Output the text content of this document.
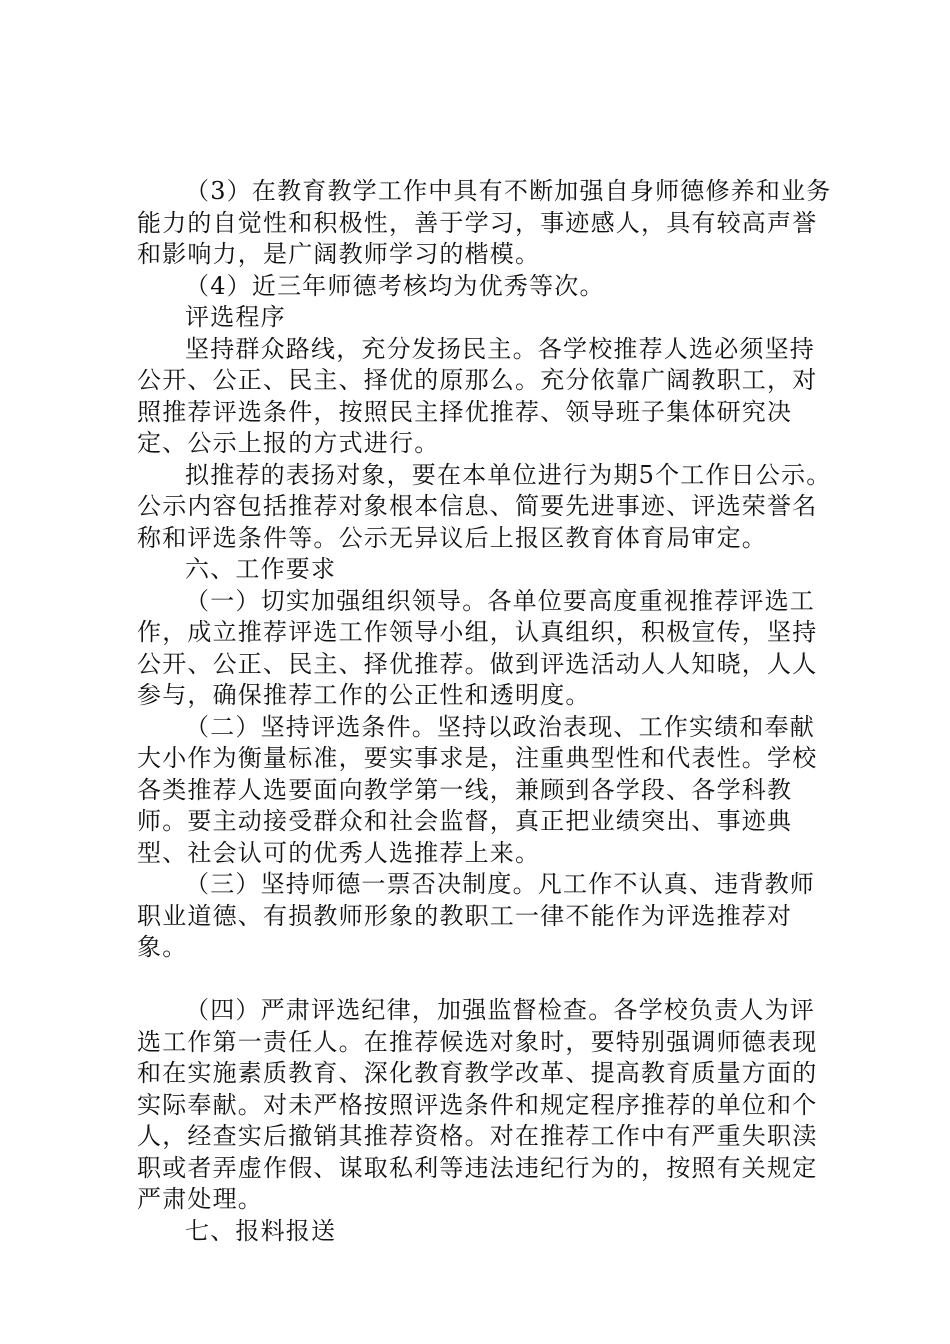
（3）在教育教学工作中具有不断加强自身师德修养和业务能力的自觉性和积极性，善于学习，事迹感人，具有较高声誉和影响力，是广阔教师学习的楷模。

（4）近三年师德考核均为优秀等次。

评选程序

坚持群众路线，充分发扬民主。各学校推荐人选必须坚持公开、公正、民主、择优的原那么。充分依靠广阔教职工，对照推荐评选条件，按照民主择优推荐、领导班子集体研究决定、公示上报的方式进行。

拟推荐的表扬对象，要在本单位进行为期5个工作日公示。公示内容包括推荐对象根本信息、简要先进事迹、评选荣誉名称和评选条件等。公示无异议后上报区教育体育局审定。

六、工作要求

（一）切实加强组织领导。各单位要高度重视推荐评选工作，成立推荐评选工作领导小组，认真组织，积极宣传，坚持公开、公正、民主、择优推荐。做到评选活动人人知晓，人人参与，确保推荐工作的公正性和透明度。

（二）坚持评选条件。坚持以政治表现、工作实绩和奉献大小作为衡量标准，要实事求是，注重典型性和代表性。学校各类推荐人选要面向教学第一线，兼顾到各学段、各学科教师。要主动接受群众和社会监督，真正把业绩突出、事迹典型、社会认可的优秀人选推荐上来。

（三）坚持师德一票否决制度。凡工作不认真、违背教师职业道德、有损教师形象的教职工一律不能作为评选推荐对象。

（四）严肃评选纪律，加强监督检查。各学校负责人为评选工作第一责任人。在推荐候选对象时，要特别强调师德表现和在实施素质教育、深化教育教学改革、提高教育质量方面的实际奉献。对未严格按照评选条件和规定程序推荐的单位和个人，经查实后撤销其推荐资格。对在推荐工作中有严重失职渎职或者弄虚作假、谋取私利等违法违纪行为的，按照有关规定严肃处理。

七、报料报送
